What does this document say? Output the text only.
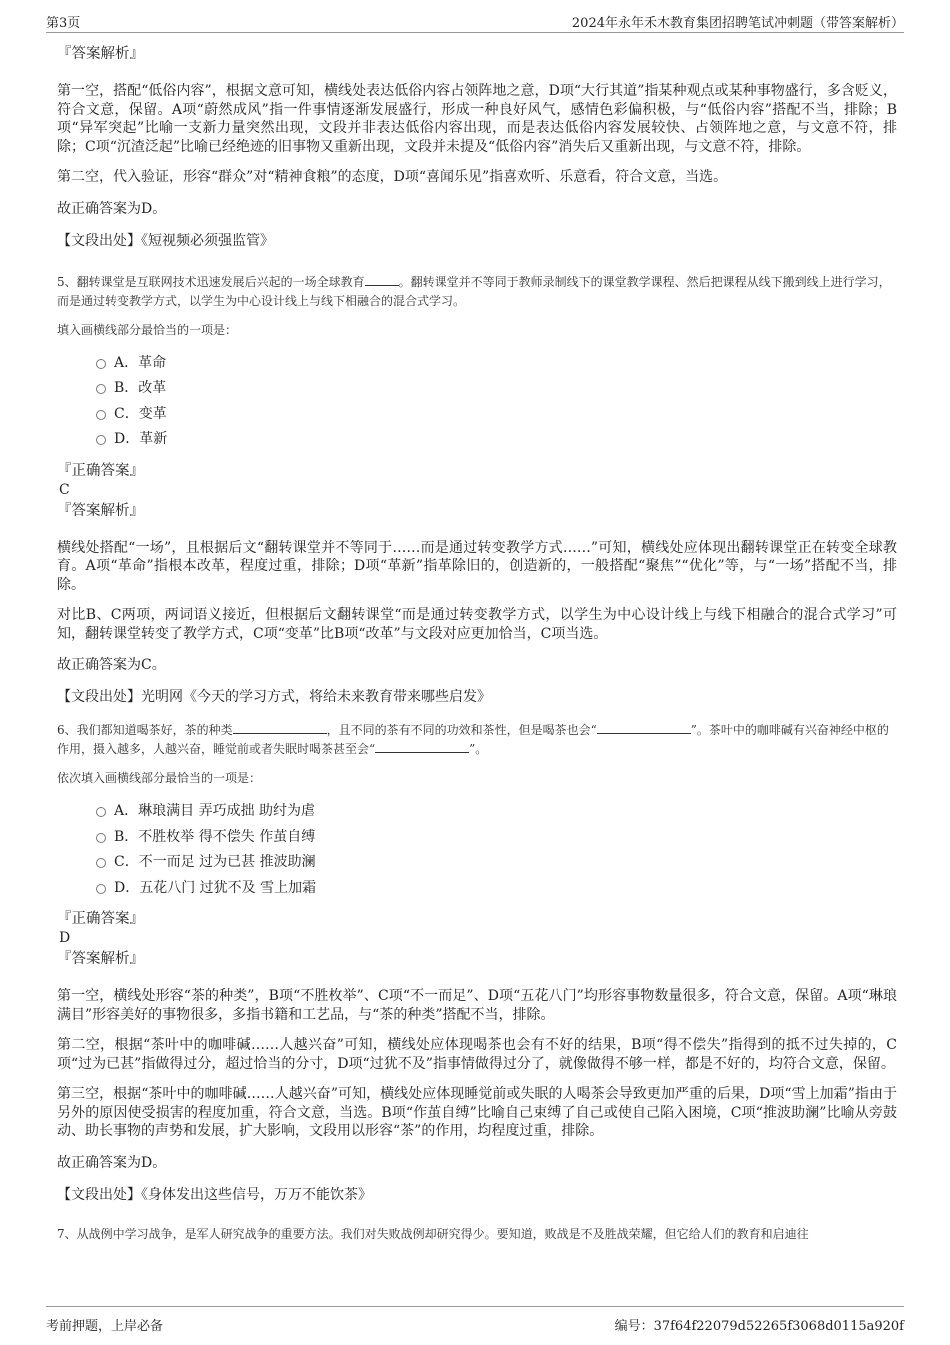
第3页	2024年永年禾木教育集团招聘笔试冲刺题（带答案解析）
『答案解析』

第一空，搭配“低俗内容”，根据文意可知，横线处表达低俗内容占领阵地之意，D项“大行其道”指某种观点或某种事物盛行，多含贬义，符合文意，保留。A项“蔚然成风”指一件事情逐渐发展盛行，形成一种良好风气，感情色彩偏积极，与“低俗内容”搭配不当，排除；B项“异军突起”比喻一支新力量突然出现，文段并非表达低俗内容出现，而是表达低俗内容发展较快、占领阵地之意，与文意不符，排除；C项“沉渣泛起”比喻已经绝迹的旧事物又重新出现，文段并未提及“低俗内容”消失后又重新出现，与文意不符，排除。

第二空，代入验证，形容“群众”对“精神食粮”的态度，D项“喜闻乐见”指喜欢听、乐意看，符合文意，当选。

故正确答案为D。

【文段出处】《短视频必须强监管》

5、翻转课堂是互联网技术迅速发展后兴起的一场全球教育	。翻转课堂并不等同于教师录制线下的课堂教学课程、然后把课程从线下搬到线上进行学习，而是通过转变教学方式，以学生为中心设计线上与线下相融合的混合式学习。

填入画横线部分最恰当的一项是：

A．革命
B．改革
C．变革
D．革新
『正确答案』
C
『答案解析』

横线处搭配“一场”，且根据后文“翻转课堂并不等同于……而是通过转变教学方式……”可知，横线处应体现出翻转课堂正在转变全球教育。A项“革命”指根本改革，程度过重，排除；D项“革新”指革除旧的，创造新的，一般搭配“聚焦”“优化”等，与“一场”搭配不当，排除。

对比B、C两项，两词语义接近，但根据后文翻转课堂“而是通过转变教学方式，以学生为中心设计线上与线下相融合的混合式学习”可知，翻转课堂转变了教学方式，C项“变革”比B项“改革”与文段对应更加恰当，C项当选。

故正确答案为C。

【文段出处】光明网《今天的学习方式，将给未来教育带来哪些启发》

6、我们都知道喝茶好，茶的种类	，且不同的茶有不同的功效和茶性，但是喝茶也会“	”。茶叶中的咖啡碱有兴奋神经中枢的作用，摄入越多，人越兴奋，睡觉前或者失眠时喝茶甚至会“	”。

依次填入画横线部分最恰当的一项是：

A．琳琅满目 弄巧成拙 助纣为虐
B．不胜枚举 得不偿失 作茧自缚
C．不一而足 过为已甚 推波助澜
D．五花八门 过犹不及 雪上加霜
『正确答案』
D
『答案解析』

第一空，横线处形容“茶的种类”，B项“不胜枚举”、C项“不一而足”、D项“五花八门”均形容事物数量很多，符合文意，保留。A项“琳琅满目”形容美好的事物很多，多指书籍和工艺品，与“茶的种类”搭配不当，排除。

第二空，根据“茶叶中的咖啡碱……人越兴奋”可知，横线处应体现喝茶也会有不好的结果，B项“得不偿失”指得到的抵不过失掉的，C项“过为已甚”指做得过分，超过恰当的分寸，D项“过犹不及”指事情做得过分了，就像做得不够一样，都是不好的，均符合文意，保留。

第三空，根据“茶叶中的咖啡碱……人越兴奋”可知，横线处应体现睡觉前或失眠的人喝茶会导致更加严重的后果，D项“雪上加霜”指由于另外的原因使受损害的程度加重，符合文意，当选。B项“作茧自缚”比喻自己束缚了自己或使自己陷入困境，C项“推波助澜”比喻从旁鼓动、助长事物的声势和发展，扩大影响，文段用以形容“茶”的作用，均程度过重，排除。

故正确答案为D。

【文段出处】《身体发出这些信号，万万不能饮茶》

7、从战例中学习战争，是军人研究战争的重要方法。我们对失败战例却研究得少。要知道，败战是不及胜战荣耀，但它给人们的教育和启迪往
考前押题，上岸必备	编号：37f64f22079d52265f3068d0115a920f
